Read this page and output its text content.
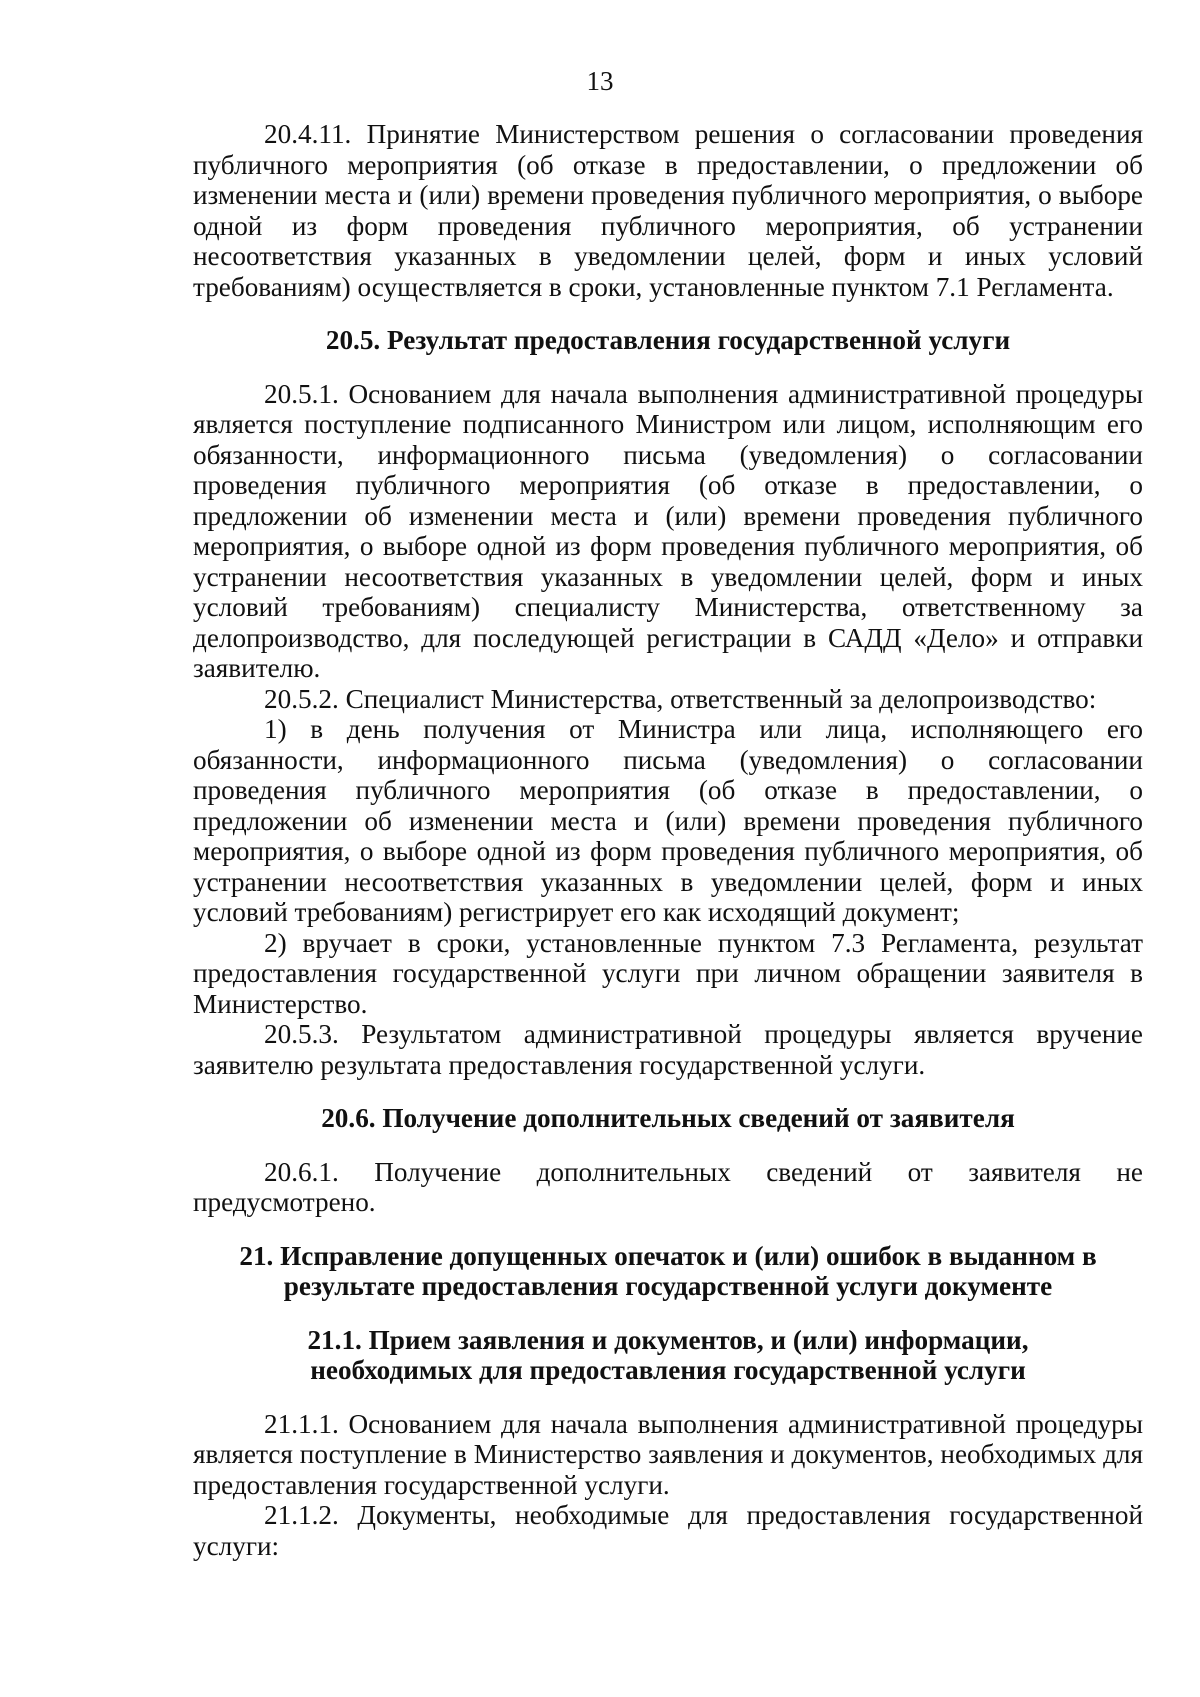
13

20.4.11. Принятие Министерством решения о согласовании проведения публичного мероприятия (об отказе в предоставлении, о предложении об изменении места и (или) времени проведения публичного мероприятия, о выборе одной из форм проведения публичного мероприятия, об устранении несоответствия указанных в уведомлении целей, форм и иных условий требованиям) осуществляется в сроки, установленные пунктом 7.1 Регламента.

20.5. Результат предоставления государственной услуги

20.5.1. Основанием для начала выполнения административной процедуры является поступление подписанного Министром или лицом, исполняющим его обязанности, информационного письма (уведомления) о согласовании проведения публичного мероприятия (об отказе в предоставлении, о предложении об изменении места и (или) времени проведения публичного мероприятия, о выборе одной из форм проведения публичного мероприятия, об устранении несоответствия указанных в уведомлении целей, форм и иных условий требованиям) специалисту Министерства, ответственному за делопроизводство, для последующей регистрации в САДД «Дело» и отправки заявителю.

20.5.2. Специалист Министерства, ответственный за делопроизводство:

1) в день получения от Министра или лица, исполняющего его обязанности, информационного письма (уведомления) о согласовании проведения публичного мероприятия (об отказе в предоставлении, о предложении об изменении места и (или) времени проведения публичного мероприятия, о выборе одной из форм проведения публичного мероприятия, об устранении несоответствия указанных в уведомлении целей, форм и иных условий требованиям) регистрирует его как исходящий документ;

2) вручает в сроки, установленные пунктом 7.3 Регламента, результат предоставления государственной услуги при личном обращении заявителя в Министерство.

20.5.3. Результатом административной процедуры является вручение заявителю результата предоставления государственной услуги.

20.6. Получение дополнительных сведений от заявителя

20.6.1. Получение дополнительных сведений от заявителя не предусмотрено.

21. Исправление допущенных опечаток и (или) ошибок в выданном в результате предоставления государственной услуги документе
21.1. Прием заявления и документов, и (или) информации, необходимых для предоставления государственной услуги

21.1.1. Основанием для начала выполнения административной процедуры является поступление в Министерство заявления и документов, необходимых для предоставления государственной услуги.

21.1.2. Документы, необходимые для предоставления государственной услуги:
